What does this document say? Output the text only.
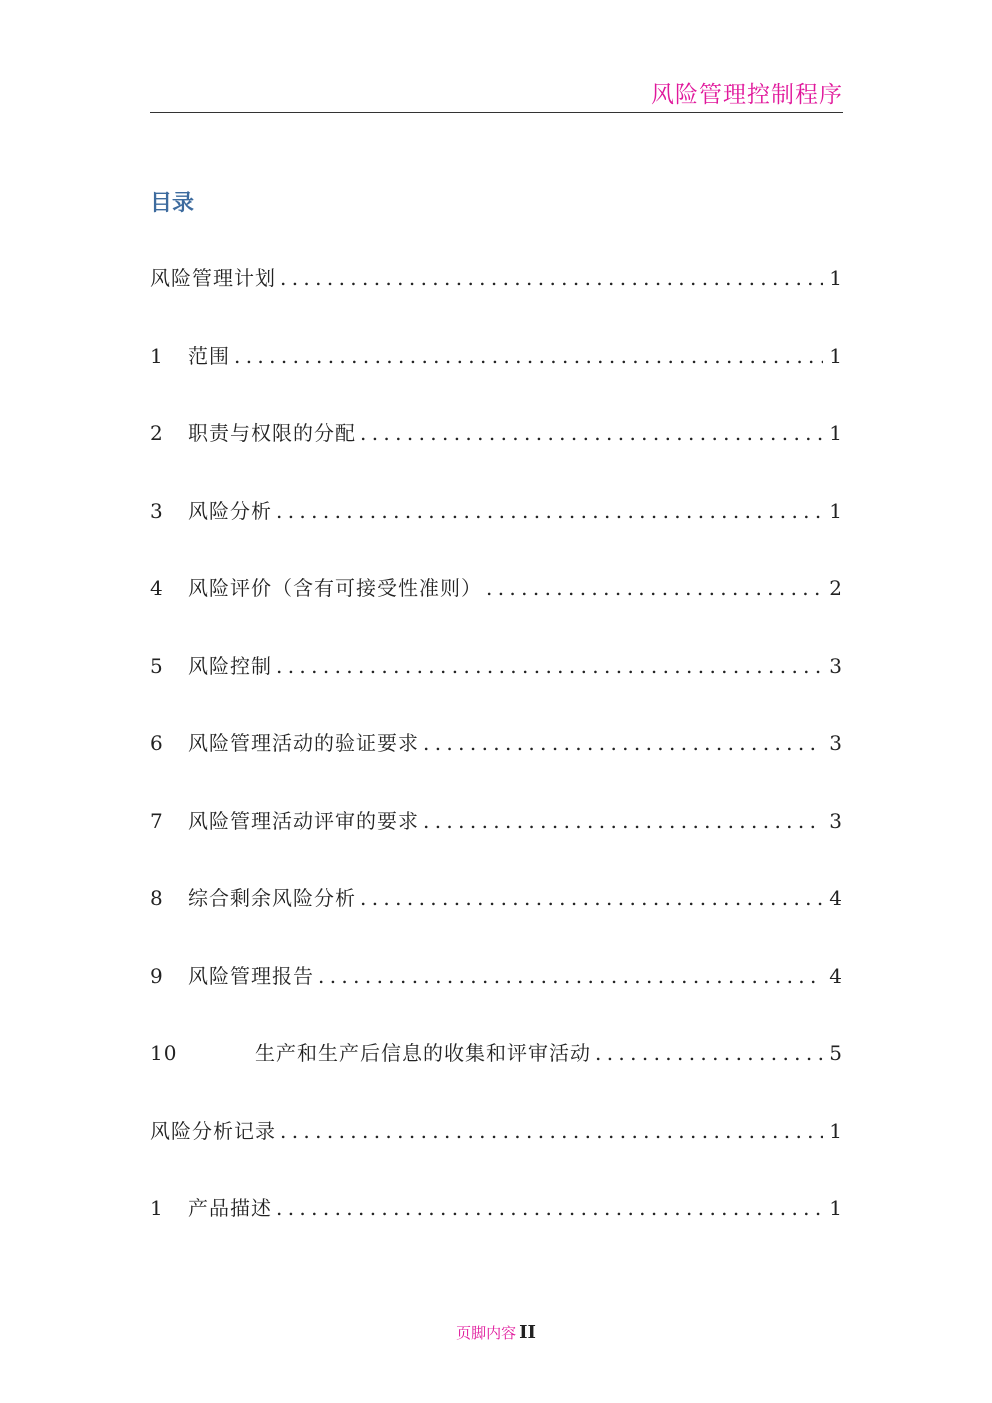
风险管理控制程序
目录
风险管理计划 . . .	1
1	范围 . . .	1
2	职责与权限的分配 . . .	1
3	风险分析 . . .	1
4	风险评价（含有可接受性准则） . . .	2
5	风险控制 . . .	3
6	风险管理活动的验证要求 . . .	3
7	风险管理活动评审的要求 . . .	3
8	综合剩余风险分析 . . .	4
9	风险管理报告 . . .	4
10	生产和生产后信息的收集和评审活动 . . .	5
风险分析记录 . . .	1
1	产品描述 . . .	1
页脚内容 II
